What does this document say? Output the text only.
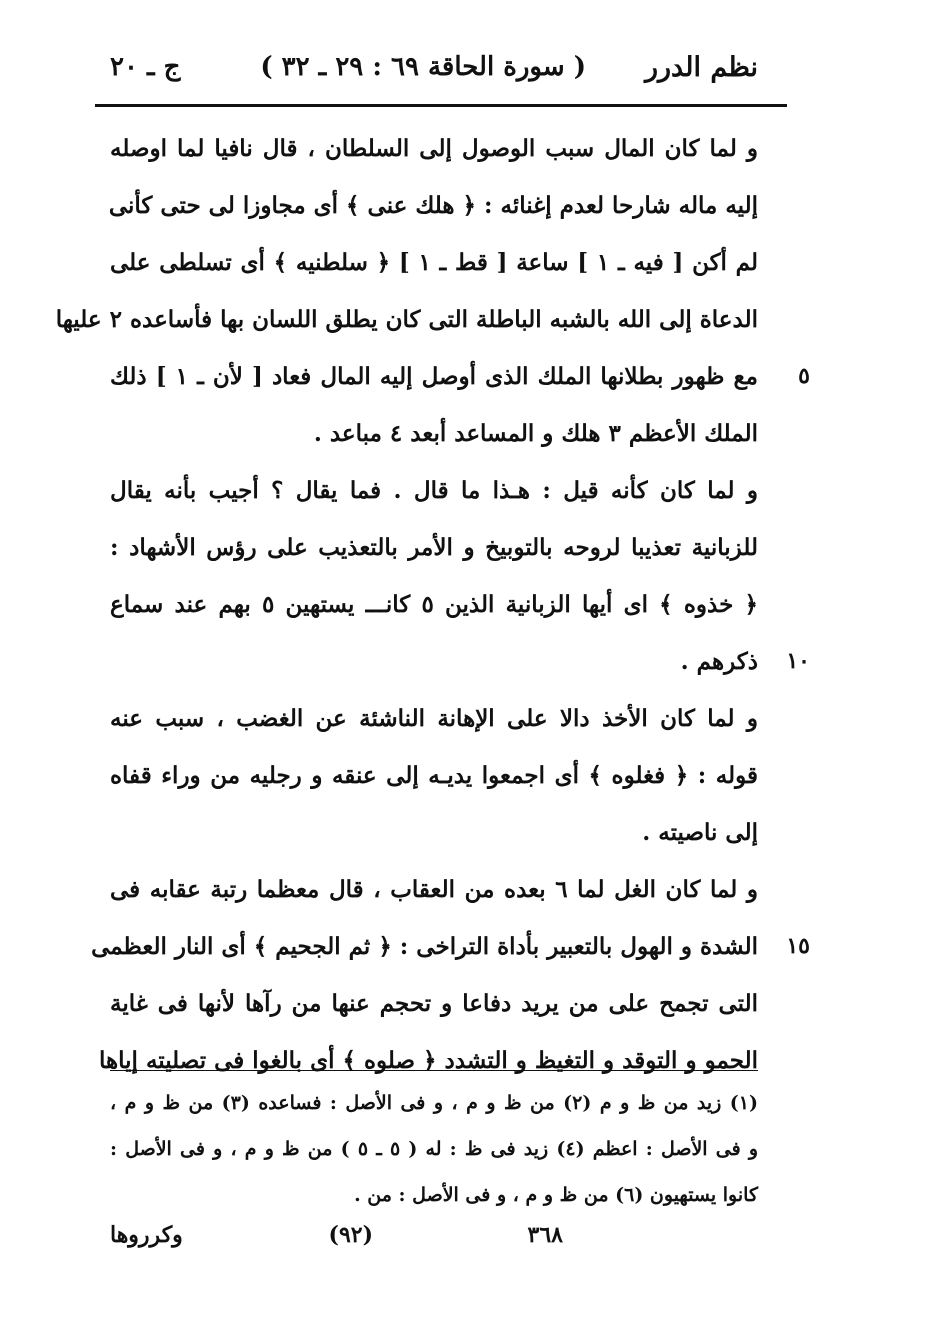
نظم الدرر
( سورة الحاقة ٦٩ : ٢٩ ـ ٣٢ )
ج ـ ٢٠
و لما كان المال سبب الوصول إلى السلطان ، قال نافيا لما اوصله
إليه ماله شارحا لعدم إغنائه : ﴿ هلك عنى ﴾ أى مجاوزا لى حتى كأنى
لم أكن [ فيه ـ ١ ] ساعة [ قط ـ ١ ] ﴿ سلطنيه ﴾ أى تسلطى على
الدعاة إلى الله بالشبه الباطلة التى كان يطلق اللسان بها فأساعده ٢ عليها
٥
مع ظهور بطلانها الملك الذى أوصل إليه المال فعاد [ لأن ـ ١ ] ذلك
الملك الأعظم ٣ هلك و المساعد أبعد ٤ مباعد .
و لما كان كأنه قيل : هـذا ما قال . فما يقال ؟ أجيب بأنه يقال
للزبانية تعذيبا لروحه بالتوبيخ و الأمر بالتعذيب على رؤس الأشهاد :
﴿ خذوه ﴾ اى أيها الزبانية الذين ٥ كانـــ يستهين ٥ بهم عند سماع
١٠
ذكرهم .
و لما كان الأخذ دالا على الإهانة الناشئة عن الغضب ، سبب عنه
قوله : ﴿ فغلوه ﴾ أى اجمعوا يديـه إلى عنقه و رجليه من وراء قفاه
إلى ناصيته .
و لما كان الغل لما ٦ بعده من العقاب ، قال معظما رتبة عقابه فى
١٥
الشدة و الهول بالتعبير بأداة التراخى : ﴿ ثم الجحيم ﴾ أى النار العظمى
التى تجمح على من يريد دفاعا و تحجم عنها من رآها لأنها فى غاية
الحمو و التوقد و التغيظ و التشدد ﴿ صلوه ﴾ أى بالغوا فى تصليته إياها
(١) زيد من ظ و م (٢) من ظ و م ، و فى الأصل : فساعده (٣) من ظ و م ،
و فى الأصل : اعظم (٤) زيد فى ظ : له ( ٥ ـ ٥ ) من ظ و م ، و فى الأصل :
كانوا يستهيون (٦) من ظ و م ، و فى الأصل : من .
٣٦٨
(٩٢)
وكرروها
